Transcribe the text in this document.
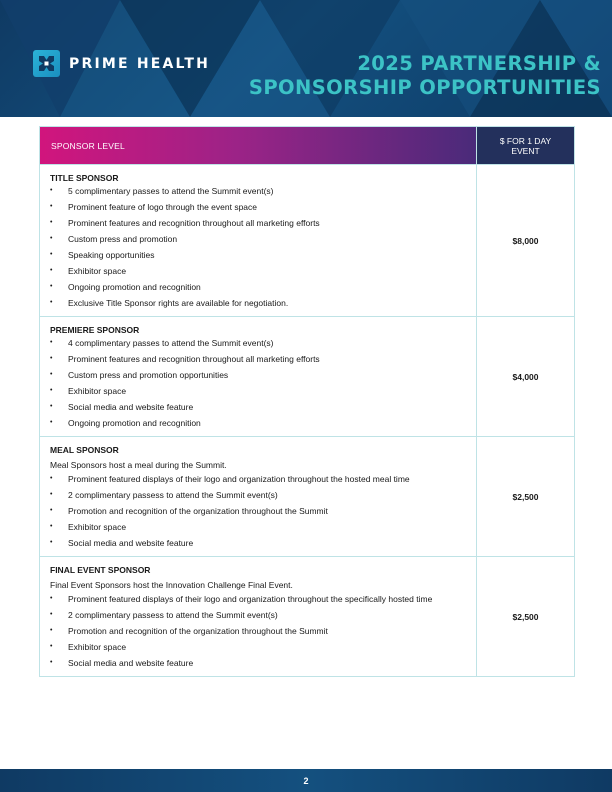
PRIME HEALTH	2025 PARTNERSHIP &
SPONSORSHIP OPPORTUNITIES
SPONSOR LEVEL	$ FOR 1 DAY EVENT
TITLE SPONSOR
• 5 complimentary passes to attend the Summit event(s)
• Prominent feature of logo through the event space
• Prominent features and recognition throughout all marketing efforts
• Custom press and promotion
• Speaking opportunities
• Exhibitor space
• Ongoing promotion and recognition
• Exclusive Title Sponsor rights are available for negotiation.
$8,000
PREMIERE SPONSOR
• 4 complimentary passes to attend the Summit event(s)
• Prominent features and recognition throughout all marketing efforts
• Custom press and promotion opportunities
• Exhibitor space
• Social media and website feature
• Ongoing promotion and recognition
$4,000
MEAL SPONSOR
Meal Sponsors host a meal during the Summit.
• Prominent featured displays of their logo and organization throughout the hosted meal time
• 2 complimentary passess to attend the Summit event(s)
• Promotion and recognition of the organization throughout the Summit
• Exhibitor space
• Social media and website feature
$2,500
FINAL EVENT SPONSOR
Final Event Sponsors host the Innovation Challenge Final Event.
• Prominent featured displays of their logo and organization throughout the specifically hosted time
• 2 complimentary passess to attend the Summit event(s)
• Promotion and recognition of the organization throughout the Summit
• Exhibitor space
• Social media and website feature
$2,500
2
